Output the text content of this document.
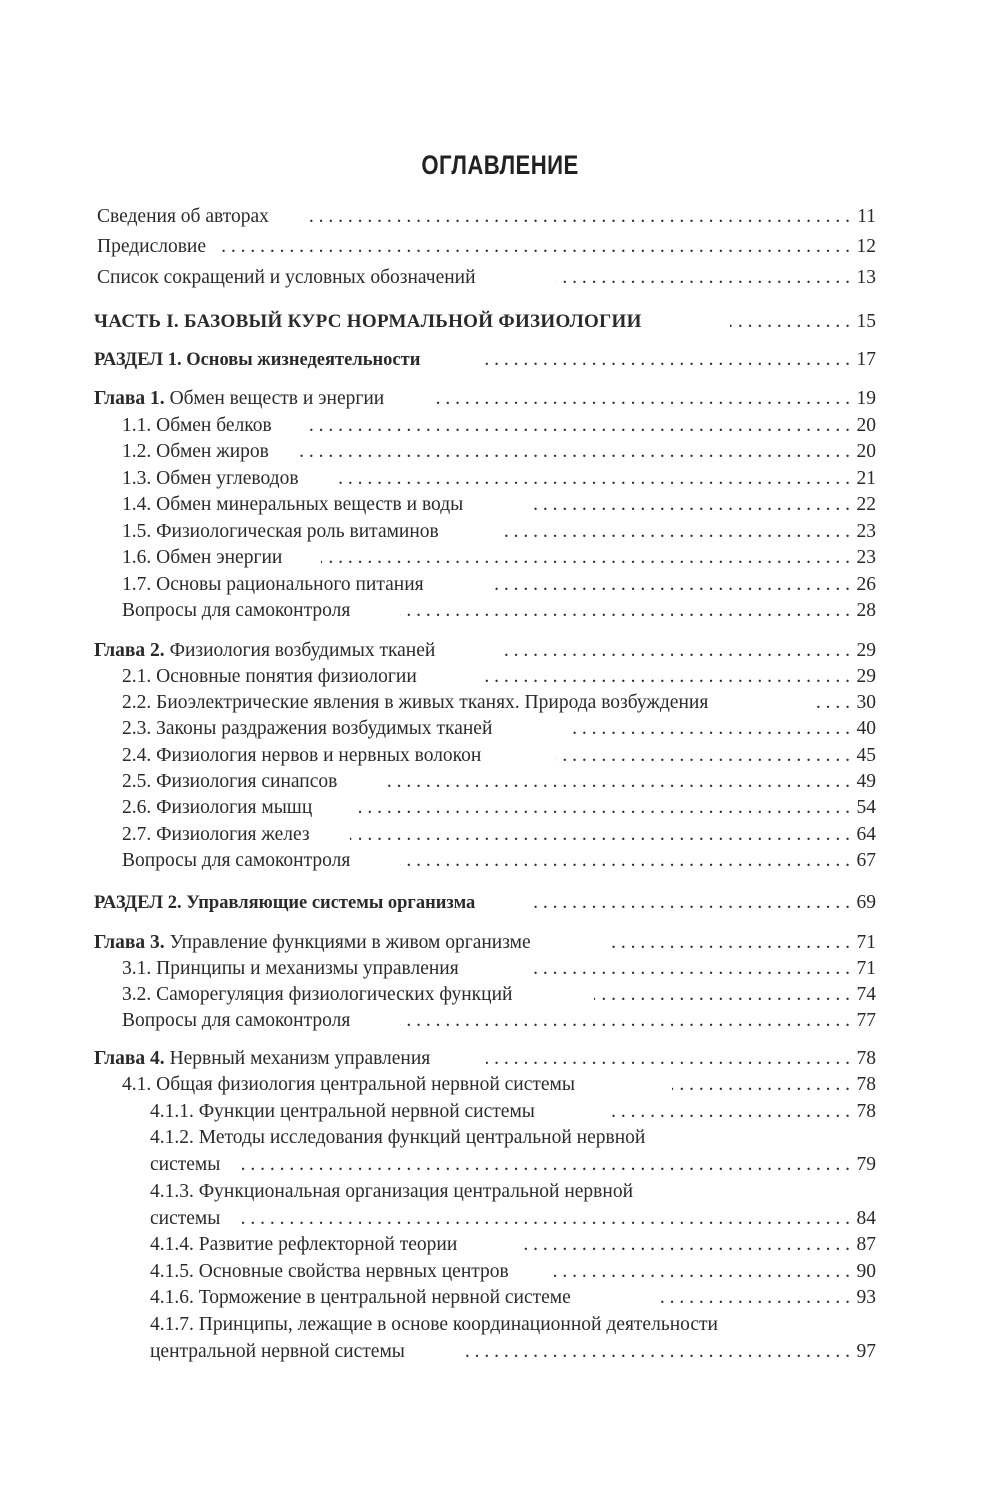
ОГЛАВЛЕНИЕ
Сведения об авторах . . .	11
Предисловие . . .	12
Список сокращений и условных обозначений . . .	13
ЧАСТЬ I. БАЗОВЫЙ КУРС НОРМАЛЬНОЙ ФИЗИОЛОГИИ . . .	15
РАЗДЕЛ 1. Основы жизнедеятельности . . .	17
Глава 1. Обмен веществ и энергии . . .	19
1.1. Обмен белков . . .	20
1.2. Обмен жиров . . .	20
1.3. Обмен углеводов . . .	21
1.4. Обмен минеральных веществ и воды . . .	22
1.5. Физиологическая роль витаминов . . .	23
1.6. Обмен энергии . . .	23
1.7. Основы рационального питания . . .	26
Вопросы для самоконтроля . . .	28
Глава 2. Физиология возбудимых тканей . . .	29
2.1. Основные понятия физиологии . . .	29
2.2. Биоэлектрические явления в живых тканях. Природа возбуждения . . .	30
2.3. Законы раздражения возбудимых тканей . . .	40
2.4. Физиология нервов и нервных волокон . . .	45
2.5. Физиология синапсов . . .	49
2.6. Физиология мышц . . .	54
2.7. Физиология желез . . .	64
Вопросы для самоконтроля . . .	67
РАЗДЕЛ 2. Управляющие системы организма . . .	69
Глава 3. Управление функциями в живом организме . . .	71
3.1. Принципы и механизмы управления . . .	71
3.2. Саморегуляция физиологических функций . . .	74
Вопросы для самоконтроля . . .	77
Глава 4. Нервный механизм управления . . .	78
4.1. Общая физиология центральной нервной системы . . .	78
4.1.1. Функции центральной нервной системы . . .	78
4.1.2. Методы исследования функций центральной нервной
системы . . .	79
4.1.3. Функциональная организация центральной нервной
системы . . .	84
4.1.4. Развитие рефлекторной теории . . .	87
4.1.5. Основные свойства нервных центров . . .	90
4.1.6. Торможение в центральной нервной системе . . .	93
4.1.7. Принципы, лежащие в основе координационной деятельности
центральной нервной системы . . .	97
